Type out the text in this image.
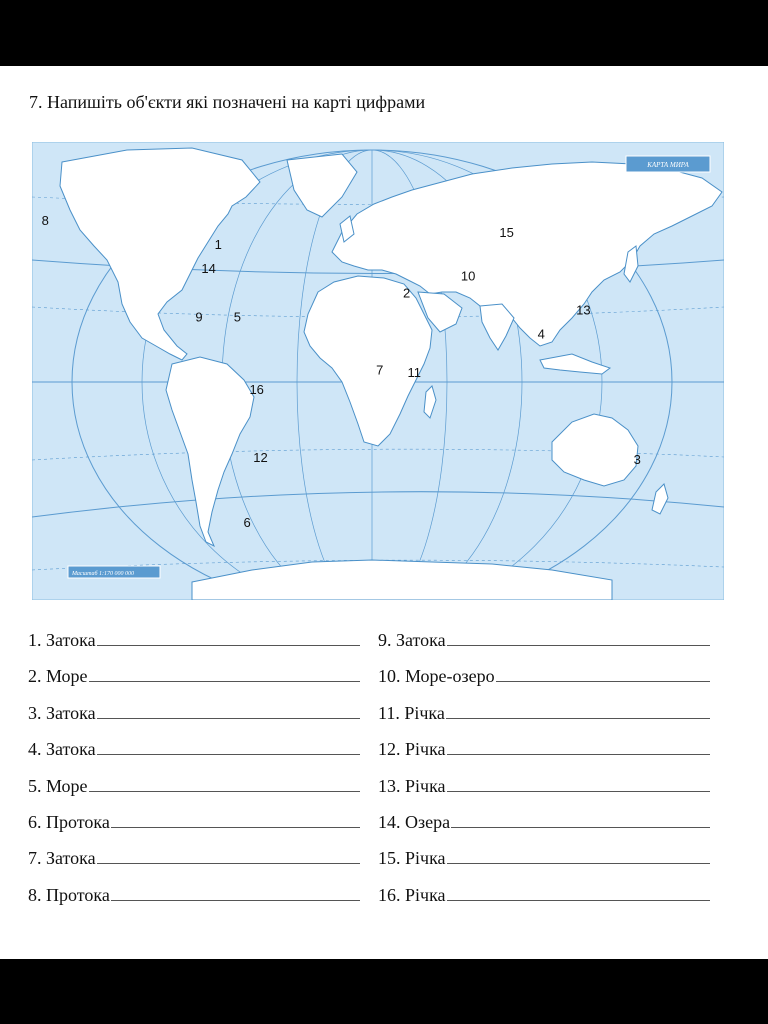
7. Напишіть об'єкти які позначені на карті цифрами
КАРТА МИРА
Масштаб 1:170 000 000
1
2
3
4
5
6
7
8
9
10
11
12
13
14
15
16
1. Затока
2. Море
3. Затока
4. Затока
5. Море
6. Протока
7. Затока
8. Протока
9. Затока
10. Море-озеро
11. Річка
12. Річка
13. Річка
14. Озера
15. Річка
16. Річка
